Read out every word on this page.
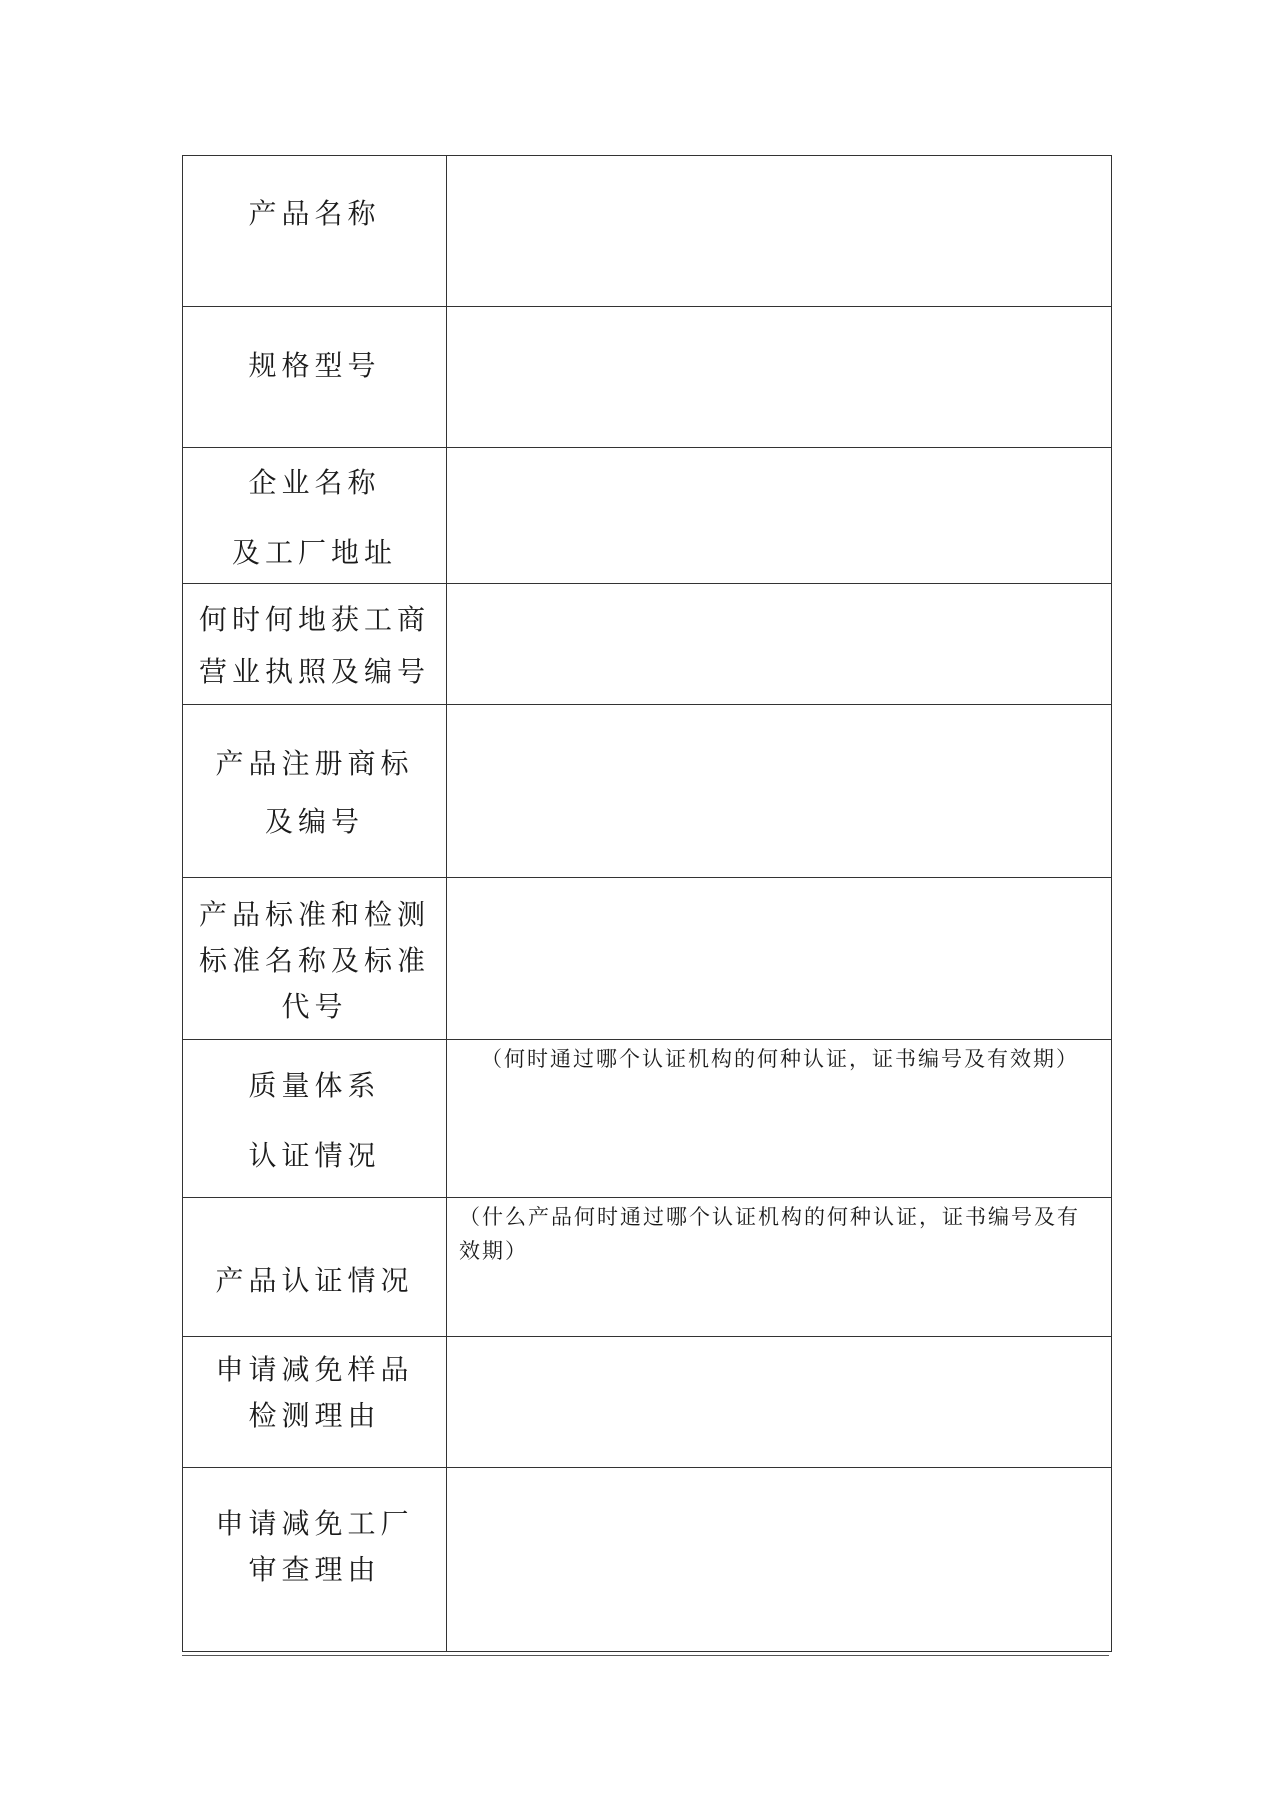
产品名称	

规格型号	

企业名称
及工厂地址	

何时何地获工商
营业执照及编号	

产品注册商标
及编号	

产品标准和检测
标准名称及标准
代号	

质量体系
认证情况	（何时通过哪个认证机构的何种认证，证书编号及有效期）

产品认证情况	（什么产品何时通过哪个认证机构的何种认证，证书编号及有效期）

申请减免样品
检测理由	

申请减免工厂
审查理由	
